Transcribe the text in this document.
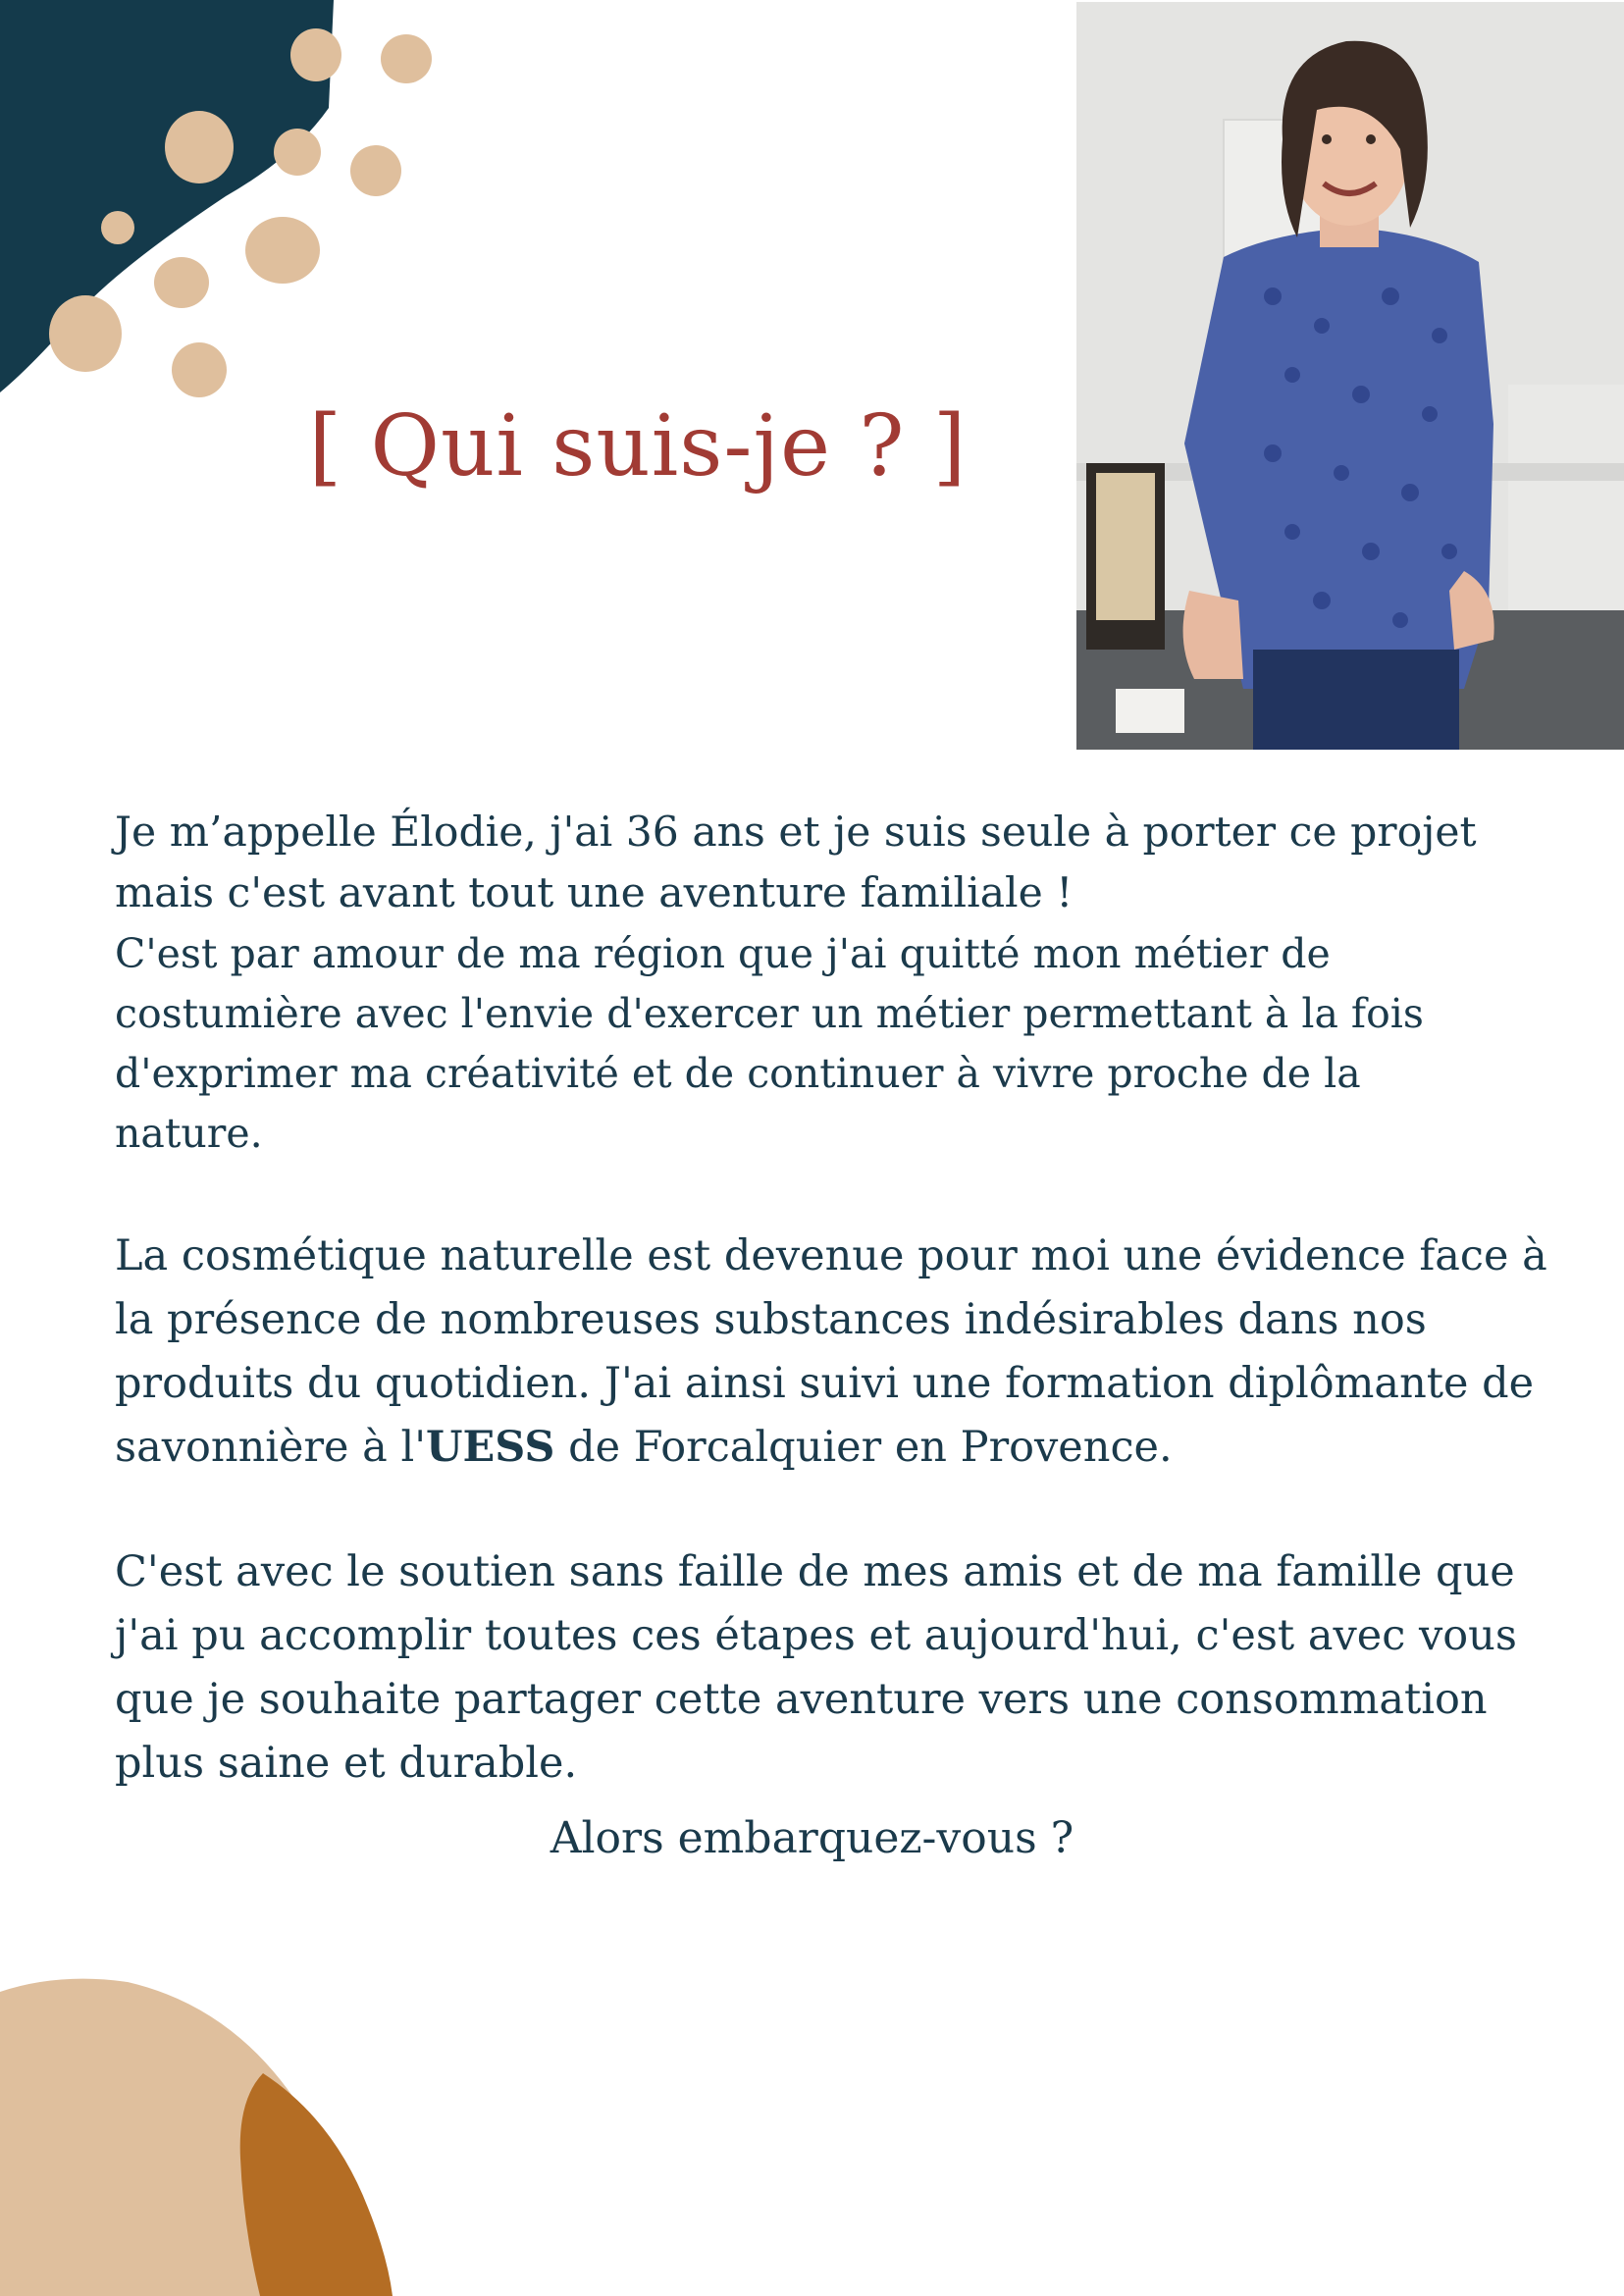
[ Qui suis-je ? ]

Je m’appelle Élodie, j'ai 36 ans et je suis seule à porter ce projet mais c'est avant tout une aventure familiale !
C'est par amour de ma région que j'ai quitté mon métier de costumière avec l'envie d'exercer un métier permettant à la fois d'exprimer ma créativité et de continuer à vivre proche de la nature.

La cosmétique naturelle est devenue pour moi une évidence face à la présence de nombreuses substances indésirables dans nos produits du quotidien. J'ai ainsi suivi une formation diplômante de savonnière à l'UESS de Forcalquier en Provence.

C'est avec le soutien sans faille de mes amis et de ma famille que j'ai pu accomplir toutes ces étapes et aujourd'hui, c'est avec vous que je souhaite partager cette aventure vers une consommation plus saine et durable.

Alors embarquez-vous ?
